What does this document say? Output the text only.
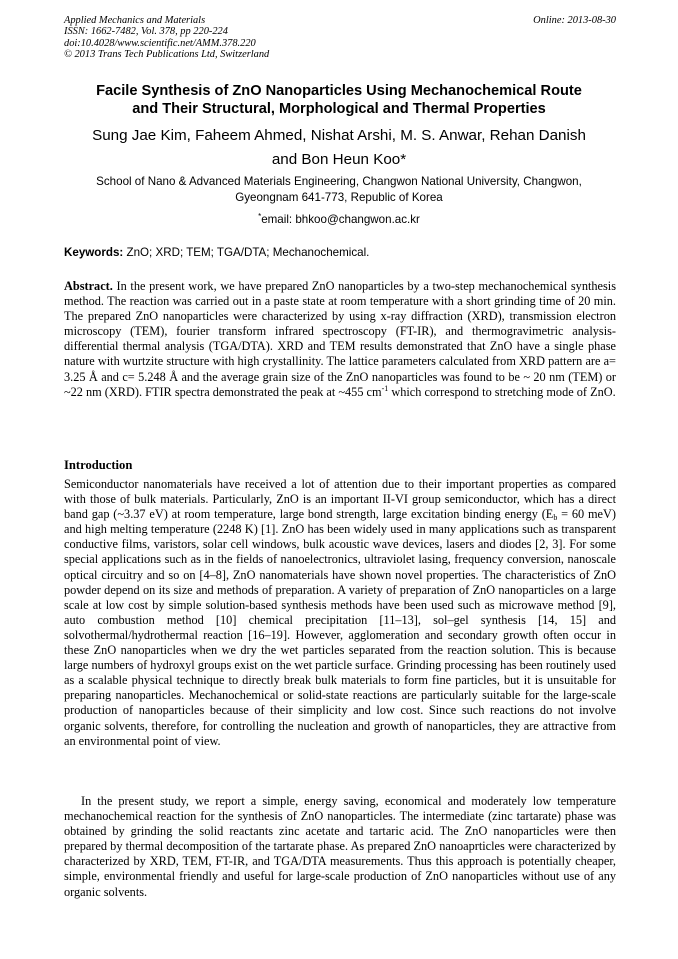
Applied Mechanics and Materials
ISSN: 1662-7482, Vol. 378, pp 220-224
doi:10.4028/www.scientific.net/AMM.378.220
© 2013 Trans Tech Publications Ltd, Switzerland
Online: 2013-08-30
Facile Synthesis of ZnO Nanoparticles Using Mechanochemical Route
and Their Structural, Morphological and Thermal Properties
Sung Jae Kim, Faheem Ahmed, Nishat Arshi, M. S. Anwar, Rehan Danish
and Bon Heun Koo*
School of Nano & Advanced Materials Engineering, Changwon National University, Changwon,
Gyeongnam 641-773, Republic of Korea
*email: bhkoo@changwon.ac.kr
Keywords: ZnO; XRD; TEM; TGA/DTA; Mechanochemical.
Abstract. In the present work, we have prepared ZnO nanoparticles by a two-step mechanochemical synthesis method. The reaction was carried out in a paste state at room temperature with a short grinding time of 20 min. The prepared ZnO nanoparticles were characterized by using x-ray diffraction (XRD), transmission electron microscopy (TEM), fourier transform infrared spectroscopy (FT-IR), and thermogravimetric analysis-differential thermal analysis (TGA/DTA). XRD and TEM results demonstrated that ZnO have a single phase nature with wurtzite structure with high crystallinity. The lattice parameters calculated from XRD pattern are a= 3.25 Å and c= 5.248 Å and the average grain size of the ZnO nanoparticles was found to be ~ 20 nm (TEM) or ~22 nm (XRD). FTIR spectra demonstrated the peak at ~455 $cm^{-1}$ which correspond to stretching mode of ZnO.
Introduction
Semiconductor nanomaterials have received a lot of attention due to their important properties as compared with those of bulk materials. Particularly, ZnO is an important II-VI group semiconductor, which has a direct band gap (~3.37 eV) at room temperature, large bond strength, large excitation binding energy ($E_b = 60$ meV) and high melting temperature (2248 K) [1]. ZnO has been widely used in many applications such as transparent conductive films, varistors, solar cell windows, bulk acoustic wave devices, lasers and diodes [2, 3]. For some special applications such as in the fields of nanoelectronics, ultraviolet lasing, frequency conversion, nanoscale optical circuitry and so on [4–8], ZnO nanomaterials have shown novel properties. The characteristics of ZnO powder depend on its size and methods of preparation. A variety of preparation of ZnO nanoparticles on a large scale at low cost by simple solution-based synthesis methods have been used such as microwave method [9], auto combustion method [10] chemical precipitation [11–13], sol–gel synthesis [14, 15] and solvothermal/hydrothermal reaction [16–19]. However, agglomeration and secondary growth often occur in these ZnO nanoparticles when we dry the wet particles separated from the reaction solution. This is because large numbers of hydroxyl groups exist on the wet particle surface. Grinding processing has been routinely used as a scalable physical technique to directly break bulk materials to form fine particles, but it is unsuitable for preparing nanoparticles. Mechanochemical or solid-state reactions are particularly suitable for the large-scale production of nanoparticles because of their simplicity and low cost. Since such reactions do not involve organic solvents, therefore, for controlling the nucleation and growth of nanoparticles, they are attractive from an environmental point of view.
In the present study, we report a simple, energy saving, economical and moderately low temperature mechanochemical reaction for the synthesis of ZnO nanoparticles. The intermediate (zinc tartarate) phase was obtained by grinding the solid reactants zinc acetate and tartaric acid. The ZnO nanoparticles were then prepared by thermal decomposition of the tartarate phase. As prepared ZnO nanoaprticles were characterized by characterized by XRD, TEM, FT-IR, and TGA/DTA measurements. Thus this approach is potentially cheaper, simple, environmental friendly and useful for large-scale production of ZnO nanoparticles without use of any organic solvents.
